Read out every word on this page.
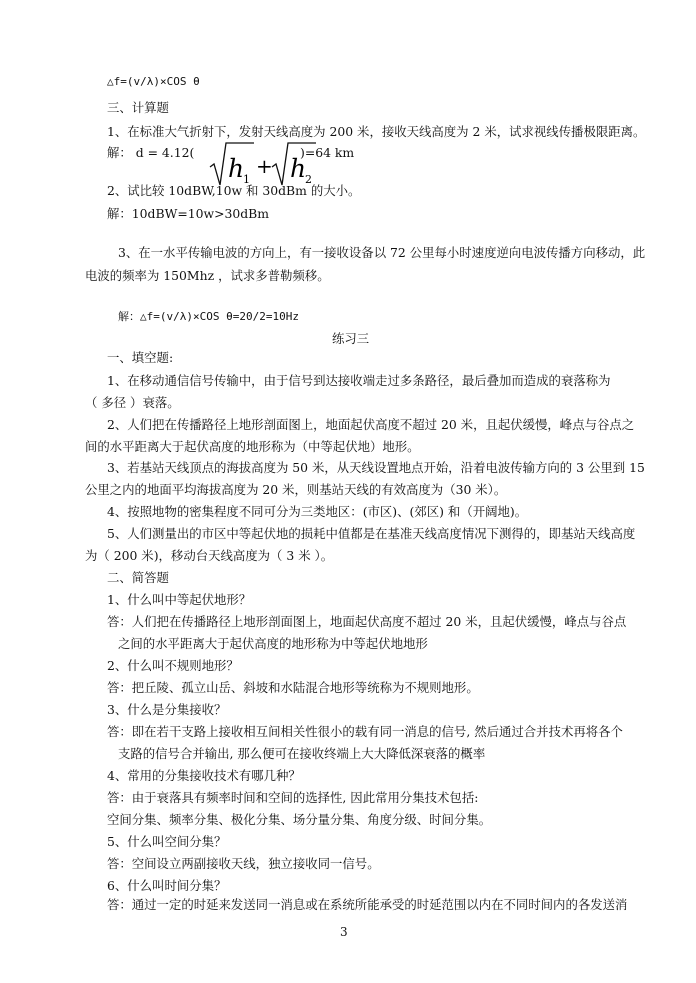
△f=(v/λ)×COS θ
三、计算题
1、在标准大气折射下，发射天线高度为 200 米，接收天线高度为 2 米，试求视线传播极限距离。
解： d = 4.12(	)=64 km
h
1
+ h
2
2、试比较 10dBW,10w 和 30dBm 的大小。
解：10dBW=10w>30dBm
3、在一水平传输电波的方向上，有一接收设备以 72 公里每小时速度逆向电波传播方向移动，此
电波的频率为 150Mhz ，试求多普勒频移。
解：△f=(v/λ)×COS θ=20/2=10Hz
练习三
一、填空题:
1、在移动通信信号传输中，由于信号到达接收端走过多条路径，最后叠加而造成的衰落称为
（ 多径 ）衰落。
2、人们把在传播路径上地形剖面图上，地面起伏高度不超过 20 米，且起伏缓慢，峰点与谷点之
间的水平距离大于起伏高度的地形称为（中等起伏地）地形。
3、若基站天线顶点的海拔高度为 50 米，从天线设置地点开始，沿着电波传输方向的 3 公里到 15
公里之内的地面平均海拔高度为 20 米，则基站天线的有效高度为（30 米）。
4、按照地物的密集程度不同可分为三类地区：(市区)、(郊区) 和（开阔地)。
5、人们测量出的市区中等起伏地的损耗中值都是在基准天线高度情况下测得的，即基站天线高度
为（ 200 米)，移动台天线高度为（ 3 米 ）。
二、简答题
1、什么叫中等起伏地形？
答：人们把在传播路径上地形剖面图上，地面起伏高度不超过 20 米，且起伏缓慢，峰点与谷点
之间的水平距离大于起伏高度的地形称为中等起伏地地形
2、什么叫不规则地形？
答：把丘陵、孤立山岳、斜坡和水陆混合地形等统称为不规则地形。
3、什么是分集接收？
答：即在若干支路上接收相互间相关性很小的载有同一消息的信号, 然后通过合并技术再将各个
支路的信号合并输出, 那么便可在接收终端上大大降低深衰落的概率
4、常用的分集接收技术有哪几种？
答：由于衰落具有频率时间和空间的选择性, 因此常用分集技术包括:
空间分集、频率分集、极化分集、场分量分集、角度分级、时间分集。
5、什么叫空间分集？
答：空间设立两副接收天线，独立接收同一信号。
6、什么叫时间分集？
答：通过一定的时延来发送同一消息或在系统所能承受的时延范围以内在不同时间内的各发送消
3
